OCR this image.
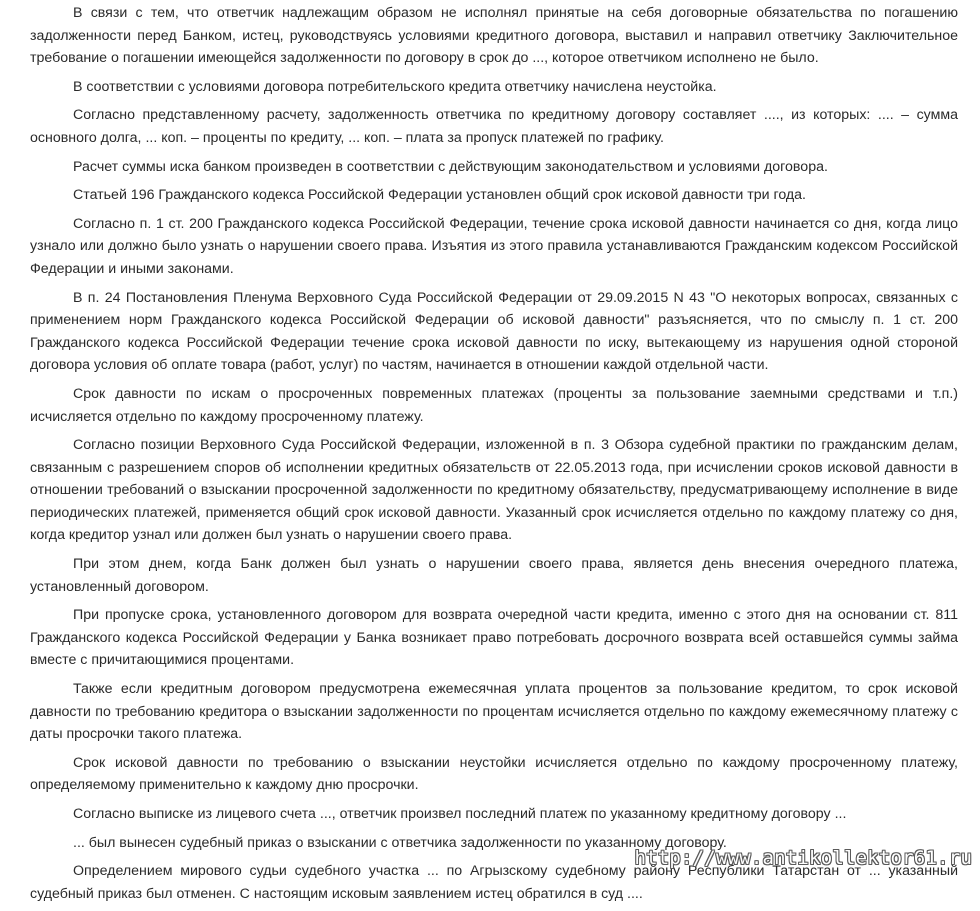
В связи с тем, что ответчик надлежащим образом не исполнял принятые на себя договорные обязательства по погашению задолженности перед Банком, истец, руководствуясь условиями кредитного договора, выставил и направил ответчику Заключительное требование о погашении имеющейся задолженности по договору в срок до ..., которое ответчиком исполнено не было.

В соответствии с условиями договора потребительского кредита ответчику начислена неустойка.

Согласно представленному расчету, задолженность ответчика по кредитному договору составляет ...., из которых: .... – сумма основного долга, ... коп. – проценты по кредиту, ... коп. – плата за пропуск платежей по графику.

Расчет суммы иска банком произведен в соответствии с действующим законодательством и условиями договора.

Статьей 196 Гражданского кодекса Российской Федерации установлен общий срок исковой давности три года.

Согласно п. 1 ст. 200 Гражданского кодекса Российской Федерации, течение срока исковой давности начинается со дня, когда лицо узнало или должно было узнать о нарушении своего права. Изъятия из этого правила устанавливаются Гражданским кодексом Российской Федерации и иными законами.

В п. 24 Постановления Пленума Верховного Суда Российской Федерации от 29.09.2015 N 43 "О некоторых вопросах, связанных с применением норм Гражданского кодекса Российской Федерации об исковой давности" разъясняется, что по смыслу п. 1 ст. 200 Гражданского кодекса Российской Федерации течение срока исковой давности по иску, вытекающему из нарушения одной стороной договора условия об оплате товара (работ, услуг) по частям, начинается в отношении каждой отдельной части.

Срок давности по искам о просроченных повременных платежах (проценты за пользование заемными средствами и т.п.) исчисляется отдельно по каждому просроченному платежу.

Согласно позиции Верховного Суда Российской Федерации, изложенной в п. 3 Обзора судебной практики по гражданским делам, связанным с разрешением споров об исполнении кредитных обязательств от 22.05.2013 года, при исчислении сроков исковой давности в отношении требований о взыскании просроченной задолженности по кредитному обязательству, предусматривающему исполнение в виде периодических платежей, применяется общий срок исковой давности. Указанный срок исчисляется отдельно по каждому платежу со дня, когда кредитор узнал или должен был узнать о нарушении своего права.

При этом днем, когда Банк должен был узнать о нарушении своего права, является день внесения очередного платежа, установленный договором.

При пропуске срока, установленного договором для возврата очередной части кредита, именно с этого дня на основании ст. 811 Гражданского кодекса Российской Федерации у Банка возникает право потребовать досрочного возврата всей оставшейся суммы займа вместе с причитающимися процентами.

Также если кредитным договором предусмотрена ежемесячная уплата процентов за пользование кредитом, то срок исковой давности по требованию кредитора о взыскании задолженности по процентам исчисляется отдельно по каждому ежемесячному платежу с даты просрочки такого платежа.

Срок исковой давности по требованию о взыскании неустойки исчисляется отдельно по каждому просроченному платежу, определяемому применительно к каждому дню просрочки.

Согласно выписке из лицевого счета ..., ответчик произвел последний платеж по указанному кредитному договору ...

... был вынесен судебный приказ о взыскании с ответчика задолженности по указанному договору.

Определением мирового судьи судебного участка ... по Агрызскому судебному району Республики Татарстан от ... указанный судебный приказ был отменен. С настоящим исковым заявлением истец обратился в суд ....

http://www.antikollektor61.ru
